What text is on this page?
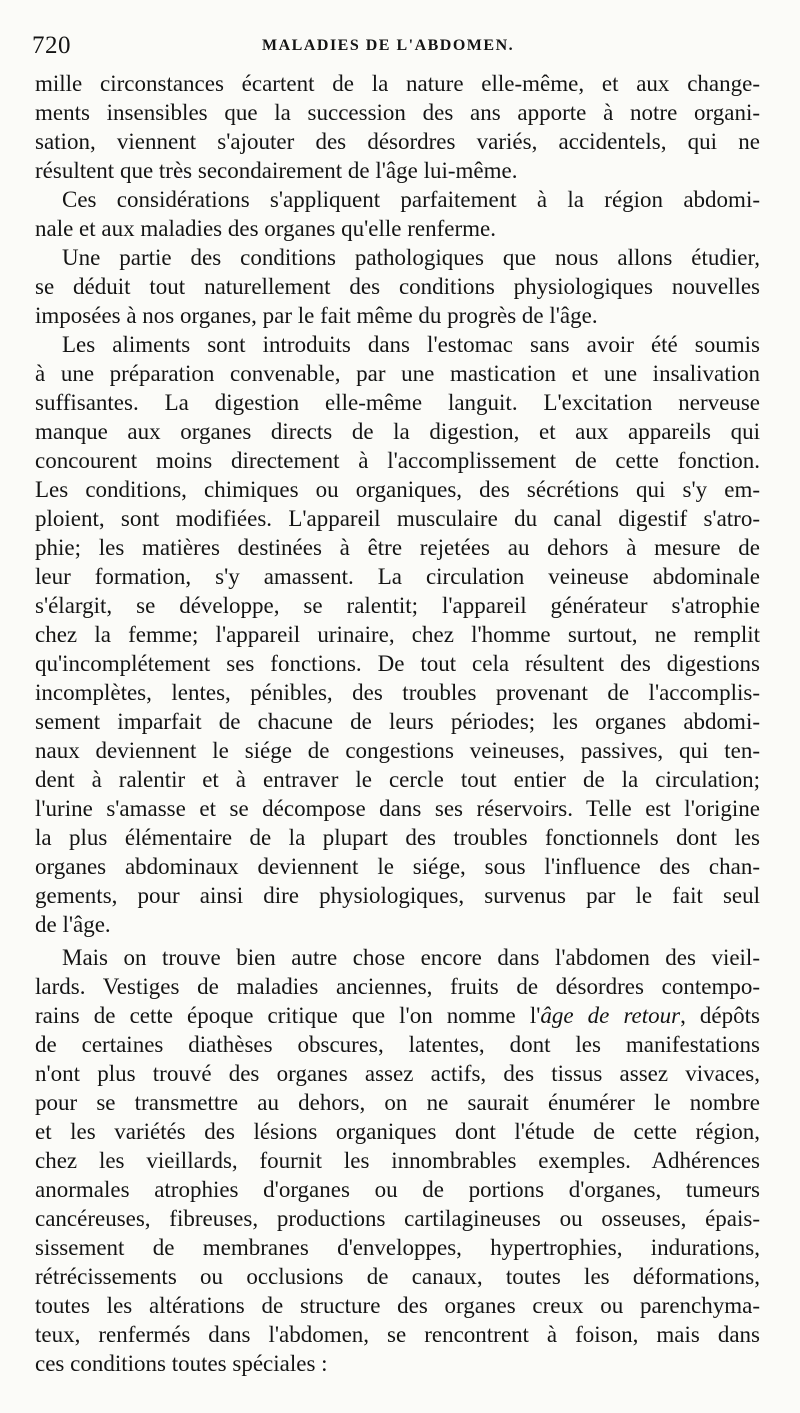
720	MALADIES DE L'ABDOMEN.
mille circonstances écartent de la nature elle-même, et aux change-
ments insensibles que la succession des ans apporte à notre organi-
sation, viennent s'ajouter des désordres variés, accidentels, qui ne
résultent que très secondairement de l'âge lui-même.
Ces considérations s'appliquent parfaitement à la région abdomi-
nale et aux maladies des organes qu'elle renferme.
Une partie des conditions pathologiques que nous allons étudier,
se déduit tout naturellement des conditions physiologiques nouvelles
imposées à nos organes, par le fait même du progrès de l'âge.
Les aliments sont introduits dans l'estomac sans avoir été soumis
à une préparation convenable, par une mastication et une insalivation
suffisantes. La digestion elle-même languit. L'excitation nerveuse
manque aux organes directs de la digestion, et aux appareils qui
concourent moins directement à l'accomplissement de cette fonction.
Les conditions, chimiques ou organiques, des sécrétions qui s'y em-
ploient, sont modifiées. L'appareil musculaire du canal digestif s'atro-
phie; les matières destinées à être rejetées au dehors à mesure de
leur formation, s'y amassent. La circulation veineuse abdominale
s'élargit, se développe, se ralentit; l'appareil générateur s'atrophie
chez la femme; l'appareil urinaire, chez l'homme surtout, ne remplit
qu'incomplétement ses fonctions. De tout cela résultent des digestions
incomplètes, lentes, pénibles, des troubles provenant de l'accomplis-
sement imparfait de chacune de leurs périodes; les organes abdomi-
naux deviennent le siége de congestions veineuses, passives, qui ten-
dent à ralentir et à entraver le cercle tout entier de la circulation;
l'urine s'amasse et se décompose dans ses réservoirs. Telle est l'origine
la plus élémentaire de la plupart des troubles fonctionnels dont les
organes abdominaux deviennent le siége, sous l'influence des chan-
gements, pour ainsi dire physiologiques, survenus par le fait seul
de l'âge.
Mais on trouve bien autre chose encore dans l'abdomen des vieil-
lards. Vestiges de maladies anciennes, fruits de désordres contempo-
rains de cette époque critique que l'on nomme l'âge de retour, dépôts
de certaines diathèses obscures, latentes, dont les manifestations
n'ont plus trouvé des organes assez actifs, des tissus assez vivaces,
pour se transmettre au dehors, on ne saurait énumérer le nombre
et les variétés des lésions organiques dont l'étude de cette région,
chez les vieillards, fournit les innombrables exemples. Adhérences
anormales atrophies d'organes ou de portions d'organes, tumeurs
cancéreuses, fibreuses, productions cartilagineuses ou osseuses, épais-
sissement de membranes d'enveloppes, hypertrophies, indurations,
rétrécissements ou occlusions de canaux, toutes les déformations,
toutes les altérations de structure des organes creux ou parenchyma-
teux, renfermés dans l'abdomen, se rencontrent à foison, mais dans
ces conditions toutes spéciales :
